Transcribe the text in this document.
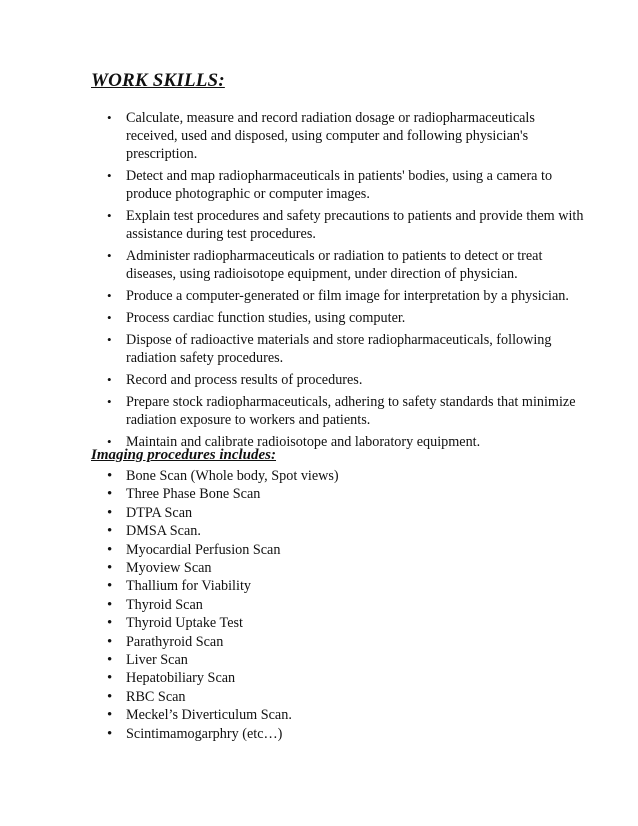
WORK SKILLS:
• Calculate, measure and record radiation dosage or radiopharmaceuticals received, used and disposed, using computer and following physician's prescription.
• Detect and map radiopharmaceuticals in patients' bodies, using a camera to produce photographic or computer images.
• Explain test procedures and safety precautions to patients and provide them with assistance during test procedures.
• Administer radiopharmaceuticals or radiation to patients to detect or treat diseases, using radioisotope equipment, under direction of physician.
• Produce a computer-generated or film image for interpretation by a physician.
• Process cardiac function studies, using computer.
• Dispose of radioactive materials and store radiopharmaceuticals, following radiation safety procedures.
• Record and process results of procedures.
• Prepare stock radiopharmaceuticals, adhering to safety standards that minimize radiation exposure to workers and patients.
• Maintain and calibrate radioisotope and laboratory equipment.
Imaging procedures includes:
• Bone Scan (Whole body, Spot views)
• Three Phase Bone Scan
• DTPA Scan
• DMSA Scan.
• Myocardial Perfusion Scan
• Myoview Scan
• Thallium for Viability
• Thyroid Scan
• Thyroid Uptake Test
• Parathyroid Scan
• Liver Scan
• Hepatobiliary Scan
• RBC Scan
• Meckel’s Diverticulum Scan.
• Scintimamogarphry (etc…)
